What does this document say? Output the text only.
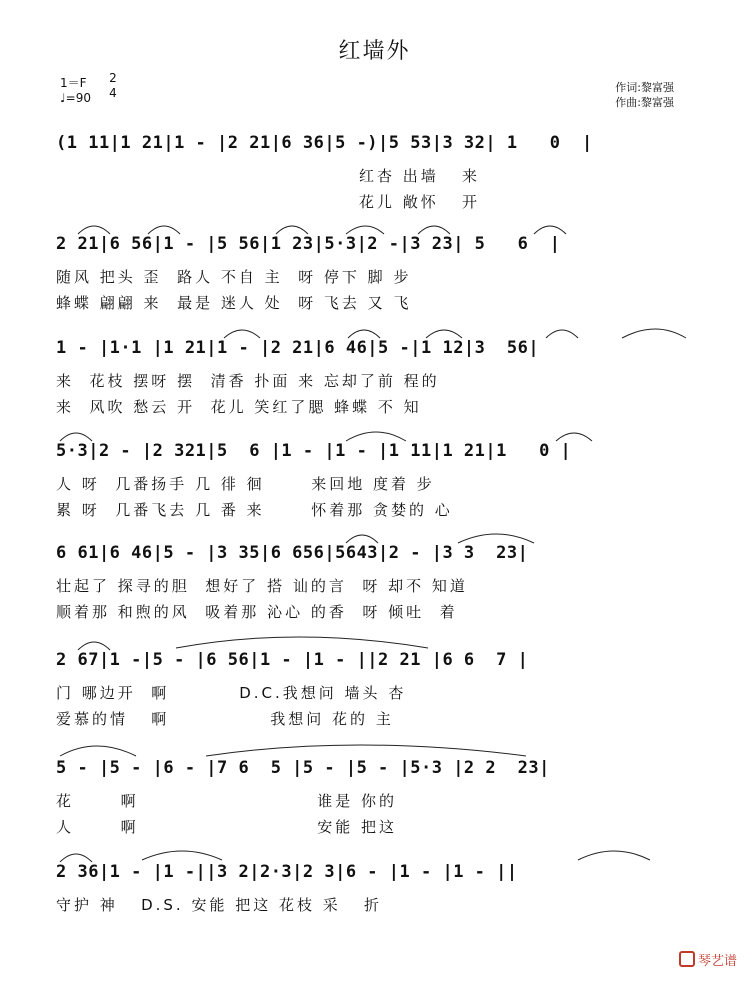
红墙外
1＝F	2
4
♩=90
作词:黎富强
作曲:黎富强
(1 11|1 21|1 - |2 21|6 36|5 -)|5 53|3 32| 1   0  |
红杏 出墙   来
花儿 敞怀   开
2 21|6 56|1 - |5 56|1 23|5·3|2 -|3 23| 5   6  |
随风 把头 歪  路人 不自 主  呀 停下 脚 步
蜂蝶 翩翩 来  最是 迷人 处  呀 飞去 又 飞
1 - |1·1 |1 21|1 - |2 21|6 46|5 -|1 12|3  56|
来  花枝 摆呀 摆  清香 扑面 来 忘却了前 程的
来  风吹 愁云 开  花儿 笑红了腮 蜂蝶 不 知
5·3|2 - |2 321|5  6 |1 - |1 - |1 11|1 21|1   0 |
人 呀  几番扬手 几 徘 徊      来回地 度着 步
累 呀  几番飞去 几 番 来      怀着那 贪婪的 心
6 61|6 46|5 - |3 35|6 656|5643|2 - |3 3  23|
壮起了 探寻的胆  想好了 搭 讪的言  呀 却不 知道
顺着那 和煦的风  吸着那 沁心 的香  呀 倾吐  着
2 67|1 -|5 - |6 56|1 - |1 - ||2 21 |6 6  7 |
门 哪边开  啊         D.C.我想问 墙头 杏
爱慕的情   啊             我想问 花的 主
5 - |5 - |6 - |7 6  5 |5 - |5 - |5·3 |2 2  23|
花      啊                       谁是 你的
人      啊                       安能 把这
2 36|1 - |1 -||3 2|2·3|2 3|6 - |1 - |1 - ||
守护 神   D.S. 安能 把这 花枝 采   折
琴艺谱
